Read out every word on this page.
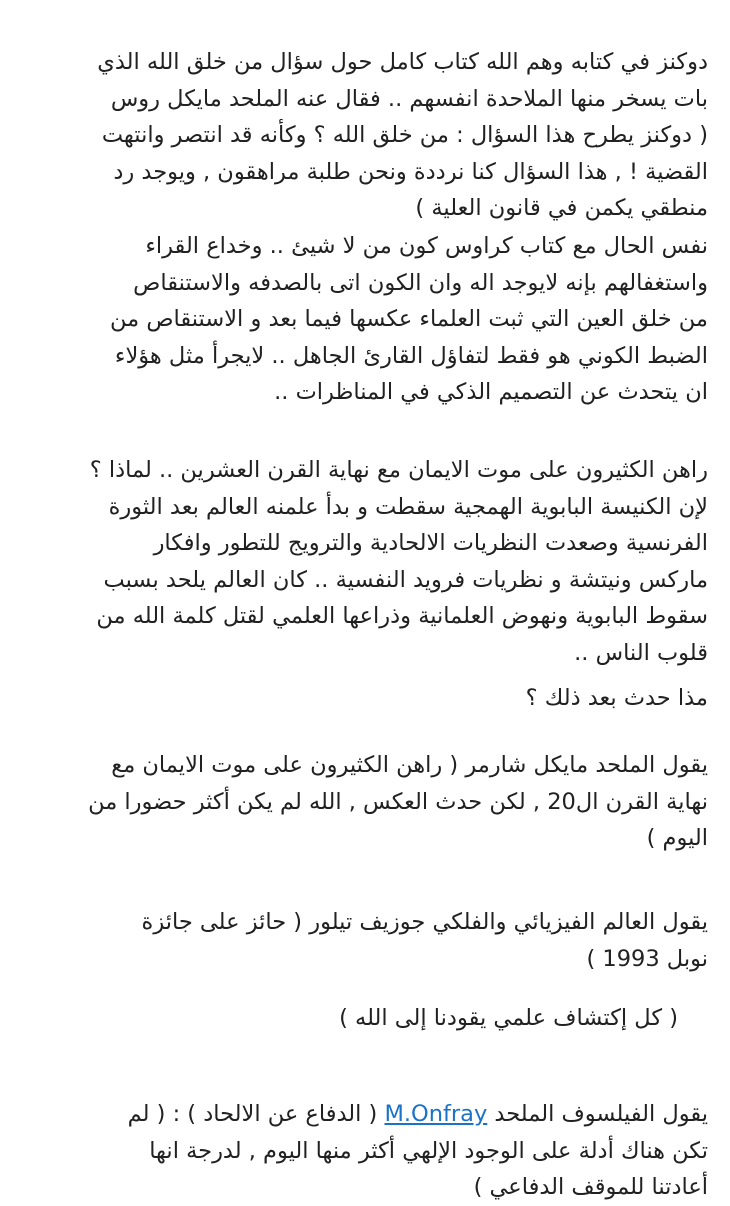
دوكنز في كتابه وهم الله كتاب كامل حول سؤال من خلق الله الذي
بات يسخر منها الملاحدة انفسهم .. فقال عنه الملحد مايكل روس
( دوكنز يطرح هذا السؤال : من خلق الله ؟ وكأنه قد انتصر وانتهت
القضية ! , هذا السؤال كنا نرددة ونحن طلبة مراهقون , ويوجد رد
منطقي يكمن في قانون العلية )

نفس الحال مع كتاب كراوس كون من لا شيئ .. وخداع القراء
واستغفالهم بإنه لايوجد اله وان الكون اتى بالصدفه والاستنقاص
من خلق العين التي ثبت العلماء عكسها فيما بعد و الاستنقاص من
الضبط الكوني هو فقط لتفاؤل القارئ الجاهل .. لايجرأ مثل هؤلاء
ان يتحدث عن التصميم الذكي في المناظرات ..

راهن الكثيرون على موت الايمان مع نهاية القرن العشرين .. لماذا ؟
لإن الكنيسة البابوية الهمجية سقطت و بدأ علمنه العالم بعد الثورة
الفرنسية وصعدت النظريات الالحادية والترويج للتطور وافكار
ماركس ونيتشة و نظريات فرويد النفسية .. كان العالم يلحد بسبب
سقوط البابوية ونهوض العلمانية وذراعها العلمي لقتل كلمة الله من
قلوب الناس ..

مذا حدث بعد ذلك ؟

يقول الملحد مايكل شارمر ( راهن الكثيرون على موت الايمان مع
نهاية القرن ال20 , لكن حدث العكس , الله لم يكن أكثر حضورا من
اليوم )

يقول العالم الفيزيائي والفلكي جوزيف تيلور ( حائز على جائزة
نوبل 1993 )

( كل إكتشاف علمي يقودنا إلى الله )

يقول الفيلسوف الملحد M.Onfray ( الدفاع عن الالحاد ) : ( لم
تكن هناك أدلة على الوجود الإلهي أكثر منها اليوم , لدرجة انها
أعادتنا للموقف الدفاعي )
